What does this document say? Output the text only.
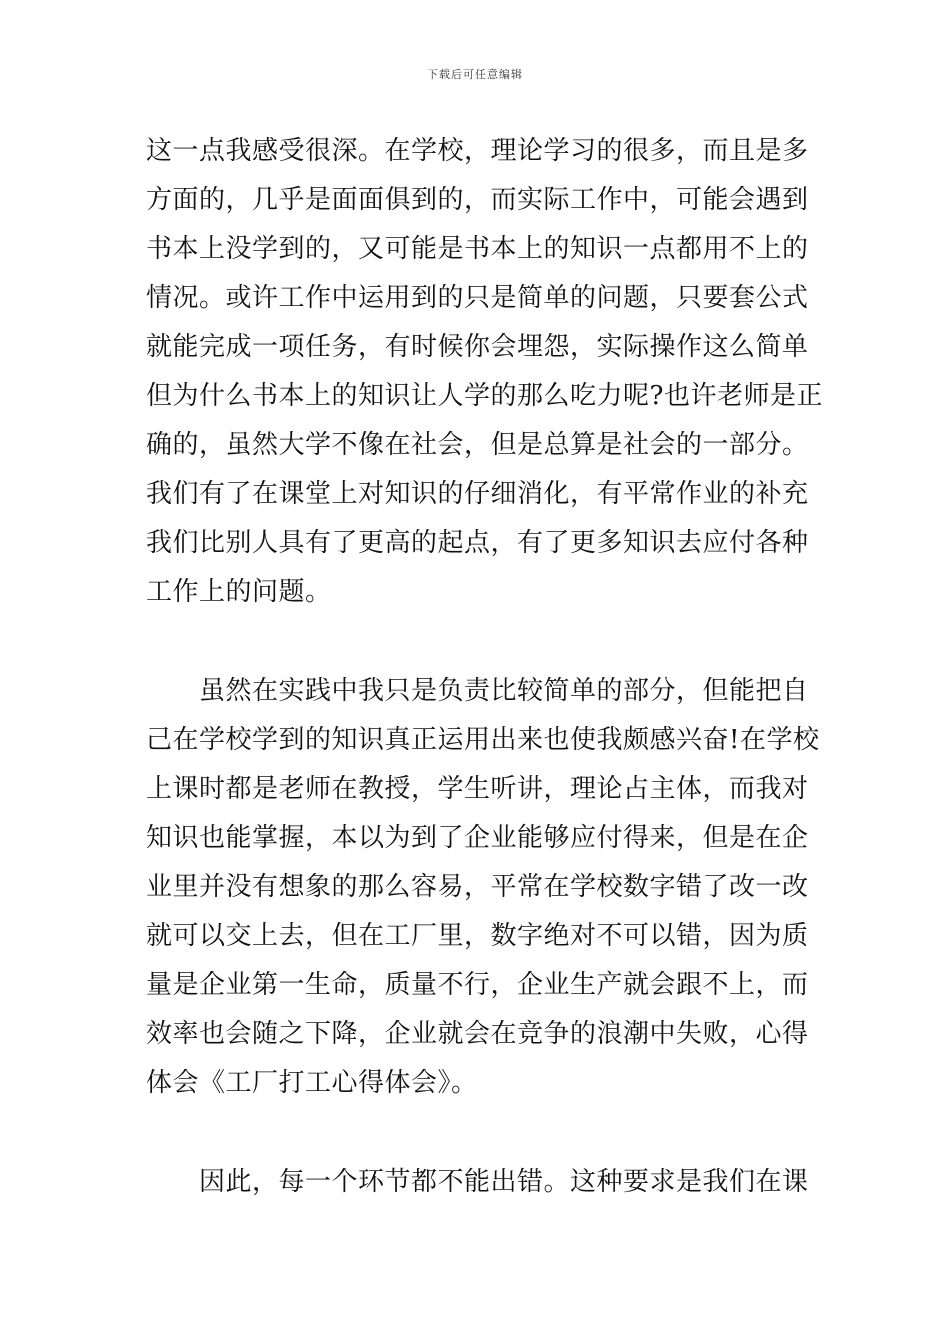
下载后可任意编辑
这一点我感受很深。在学校，理论学习的很多，而且是多
方面的，几乎是面面俱到的，而实际工作中，可能会遇到
书本上没学到的，又可能是书本上的知识一点都用不上的
情况。或许工作中运用到的只是简单的问题，只要套公式
就能完成一项任务，有时候你会埋怨，实际操作这么简单
但为什么书本上的知识让人学的那么吃力呢?也许老师是正
确的，虽然大学不像在社会，但是总算是社会的一部分。
我们有了在课堂上对知识的仔细消化，有平常作业的补充
我们比别人具有了更高的起点，有了更多知识去应付各种
工作上的问题。
　　虽然在实践中我只是负责比较简单的部分，但能把自
己在学校学到的知识真正运用出来也使我颇感兴奋!在学校
上课时都是老师在教授，学生听讲，理论占主体，而我对
知识也能掌握，本以为到了企业能够应付得来，但是在企
业里并没有想象的那么容易，平常在学校数字错了改一改
就可以交上去，但在工厂里，数字绝对不可以错，因为质
量是企业第一生命，质量不行，企业生产就会跟不上，而
效率也会随之下降，企业就会在竞争的浪潮中失败，心得
体会《工厂打工心得体会》。
　　因此，每一个环节都不能出错。这种要求是我们在课
